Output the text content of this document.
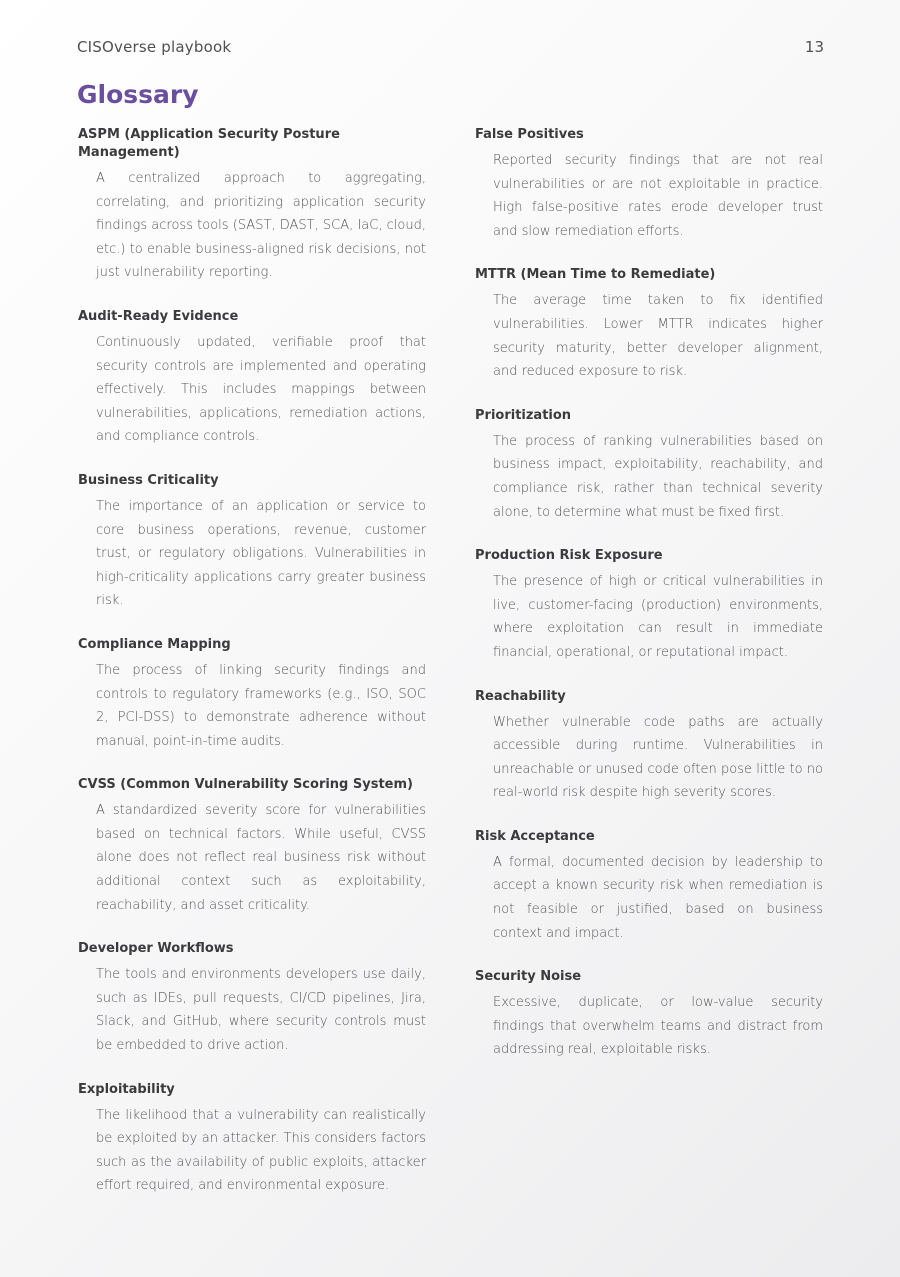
CISOverse playbook	13
Glossary
ASPM (Application Security Posture Management)
A centralized approach to aggregating, correlating, and prioritizing application security findings across tools (SAST, DAST, SCA, IaC, cloud, etc.) to enable business-aligned risk decisions, not just vulnerability reporting.
Audit-Ready Evidence
Continuously updated, verifiable proof that security controls are implemented and operating effectively. This includes mappings between vulnerabilities, applications, remediation actions, and compliance controls.
Business Criticality
The importance of an application or service to core business operations, revenue, customer trust, or regulatory obligations. Vulnerabilities in high-criticality applications carry greater business risk.
Compliance Mapping
The process of linking security findings and controls to regulatory frameworks (e.g., ISO, SOC 2, PCI-DSS) to demonstrate adherence without manual, point-in-time audits.
CVSS (Common Vulnerability Scoring System)
A standardized severity score for vulnerabilities based on technical factors. While useful, CVSS alone does not reflect real business risk without additional context such as exploitability, reachability, and asset criticality.
Developer Workflows
The tools and environments developers use daily, such as IDEs, pull requests, CI/CD pipelines, Jira, Slack, and GitHub, where security controls must be embedded to drive action.
Exploitability
The likelihood that a vulnerability can realistically be exploited by an attacker. This considers factors such as the availability of public exploits, attacker effort required, and environmental exposure.
False Positives
Reported security findings that are not real vulnerabilities or are not exploitable in practice. High false-positive rates erode developer trust and slow remediation efforts.
MTTR (Mean Time to Remediate)
The average time taken to fix identified vulnerabilities. Lower MTTR indicates higher security maturity, better developer alignment, and reduced exposure to risk.
Prioritization
The process of ranking vulnerabilities based on business impact, exploitability, reachability, and compliance risk, rather than technical severity alone, to determine what must be fixed first.
Production Risk Exposure
The presence of high or critical vulnerabilities in live, customer-facing (production) environments, where exploitation can result in immediate financial, operational, or reputational impact.
Reachability
Whether vulnerable code paths are actually accessible during runtime. Vulnerabilities in unreachable or unused code often pose little to no real-world risk despite high severity scores.
Risk Acceptance
A formal, documented decision by leadership to accept a known security risk when remediation is not feasible or justified, based on business context and impact.
Security Noise
Excessive, duplicate, or low-value security findings that overwhelm teams and distract from addressing real, exploitable risks.
